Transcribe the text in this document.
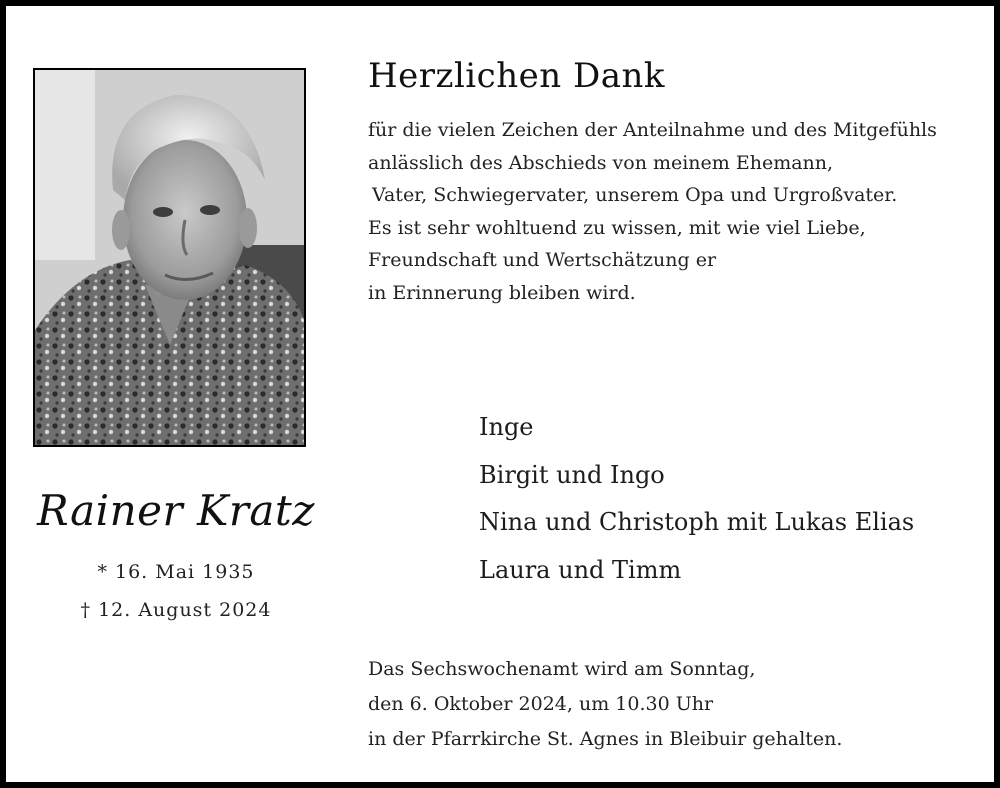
Rainer Kratz
* 16. Mai 1935
† 12. August 2024
Herzlichen Dank
für die vielen Zeichen der Anteilnahme und des Mitgefühls
anlässlich des Abschieds von meinem Ehemann,
Vater, Schwiegervater, unserem Opa und Urgroßvater.
Es ist sehr wohltuend zu wissen, mit wie viel Liebe,
Freundschaft und Wertschätzung er
in Erinnerung bleiben wird.
Inge
Birgit und Ingo
Nina und Christoph mit Lukas Elias
Laura und Timm
Das Sechswochenamt wird am Sonntag,
den 6. Oktober 2024, um 10.30 Uhr
in der Pfarrkirche St. Agnes in Bleibuir gehalten.
